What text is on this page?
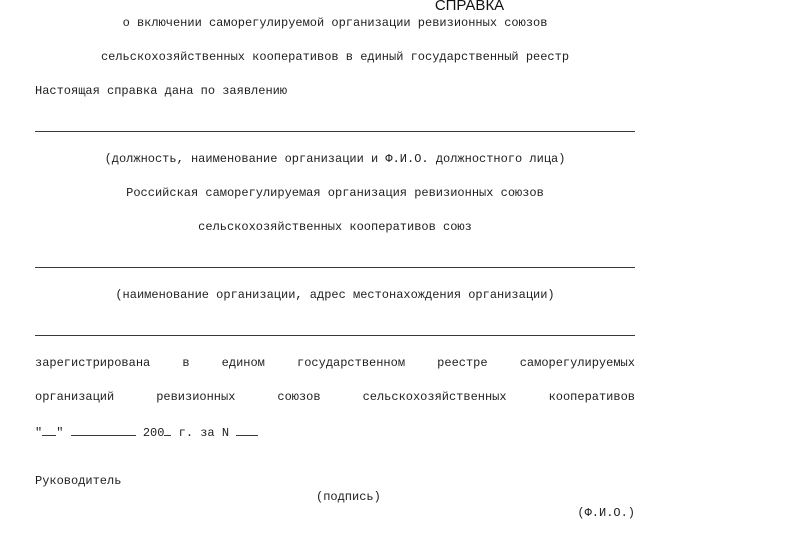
СПРАВКА
о включении саморегулируемой организации ревизионных союзов
сельскохозяйственных кооперативов в единый государственный реестр
Настоящая справка дана по заявлению
(должность, наименование организации и Ф.И.О. должностного лица)
Российская саморегулируемая организация ревизионных союзов
сельскохозяйственных кооперативов союз
(наименование организации, адрес местонахождения организации)
зарегистрирована	в	едином	государственном	реестре	саморегулируемых
организаций	ревизионных	союзов	сельскохозяйственных	кооперативов
" "	200 г. за N

Руководитель

(подпись)

(Ф.И.О.)
